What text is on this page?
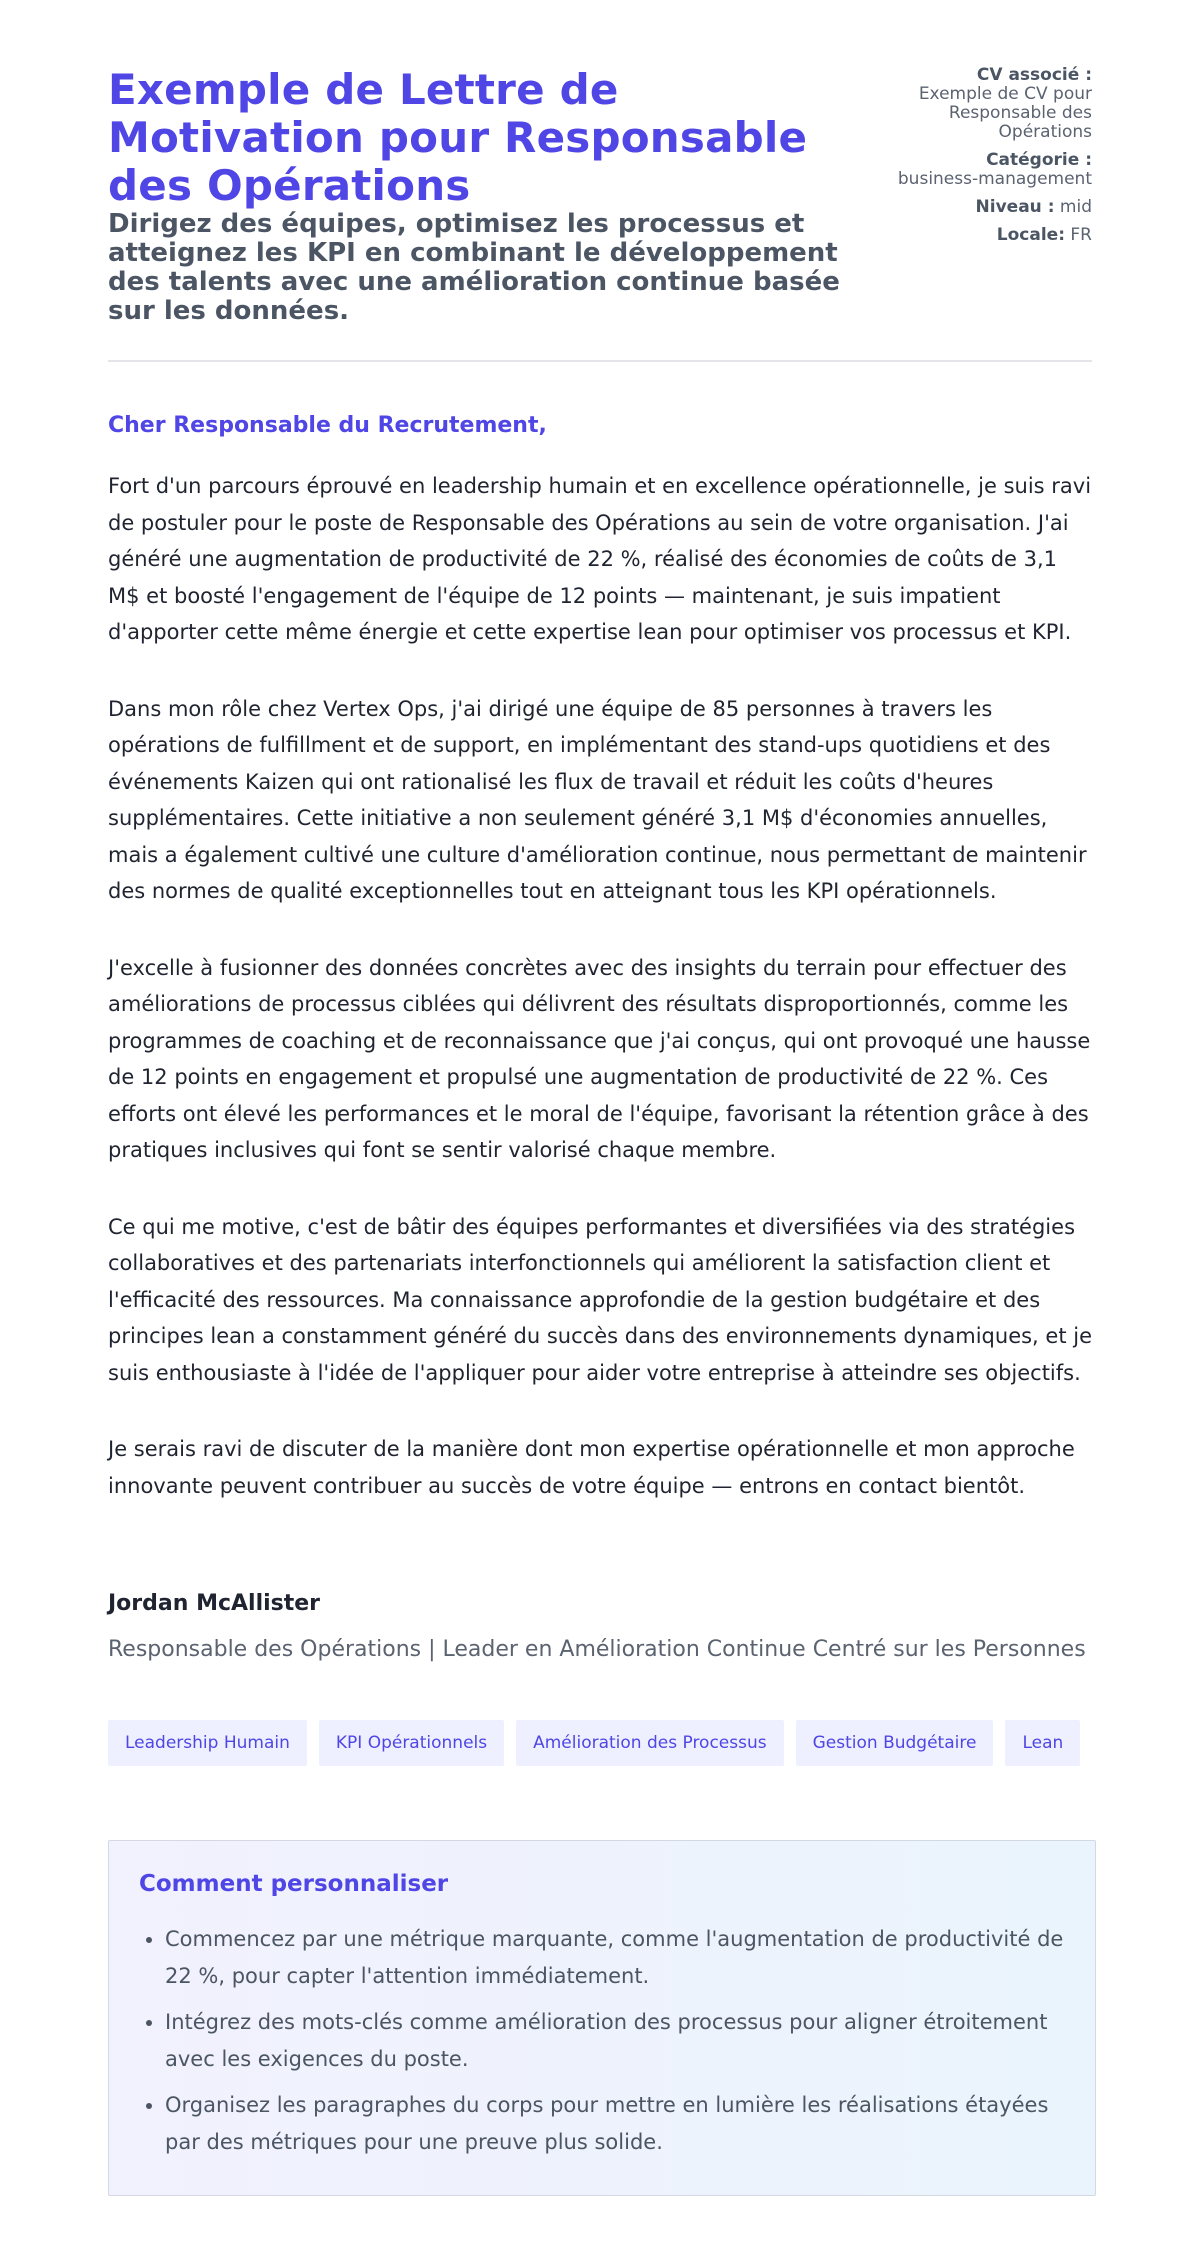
Exemple de Lettre de Motivation pour Responsable des Opérations
Dirigez des équipes, optimisez les processus et atteignez les KPI en combinant le développement des talents avec une amélioration continue basée sur les données.
CV associé :
Exemple de CV pour Responsable des Opérations
Catégorie :
business-management
Niveau : mid
Locale: FR

Cher Responsable du Recrutement,

Fort d'un parcours éprouvé en leadership humain et en excellence opérationnelle, je suis ravi de postuler pour le poste de Responsable des Opérations au sein de votre organisation. J'ai généré une augmentation de productivité de 22 %, réalisé des économies de coûts de 3,1 M$ et boosté l'engagement de l'équipe de 12 points — maintenant, je suis impatient d'apporter cette même énergie et cette expertise lean pour optimiser vos processus et KPI.

Dans mon rôle chez Vertex Ops, j'ai dirigé une équipe de 85 personnes à travers les opérations de fulfillment et de support, en implémentant des stand-ups quotidiens et des événements Kaizen qui ont rationalisé les flux de travail et réduit les coûts d'heures supplémentaires. Cette initiative a non seulement généré 3,1 M$ d'économies annuelles, mais a également cultivé une culture d'amélioration continue, nous permettant de maintenir des normes de qualité exceptionnelles tout en atteignant tous les KPI opérationnels.

J'excelle à fusionner des données concrètes avec des insights du terrain pour effectuer des améliorations de processus ciblées qui délivrent des résultats disproportionnés, comme les programmes de coaching et de reconnaissance que j'ai conçus, qui ont provoqué une hausse de 12 points en engagement et propulsé une augmentation de productivité de 22 %. Ces efforts ont élevé les performances et le moral de l'équipe, favorisant la rétention grâce à des pratiques inclusives qui font se sentir valorisé chaque membre.

Ce qui me motive, c'est de bâtir des équipes performantes et diversifiées via des stratégies collaboratives et des partenariats interfonctionnels qui améliorent la satisfaction client et l'efficacité des ressources. Ma connaissance approfondie de la gestion budgétaire et des principes lean a constamment généré du succès dans des environnements dynamiques, et je suis enthousiaste à l'idée de l'appliquer pour aider votre entreprise à atteindre ses objectifs.

Je serais ravi de discuter de la manière dont mon expertise opérationnelle et mon approche innovante peuvent contribuer au succès de votre équipe — entrons en contact bientôt.

Jordan McAllister

Responsable des Opérations | Leader en Amélioration Continue Centré sur les Personnes

Leadership Humain	KPI Opérationnels	Amélioration des Processus	Gestion Budgétaire	Lean
Comment personnaliser
• Commencez par une métrique marquante, comme l'augmentation de productivité de 22 %, pour capter l'attention immédiatement.
• Intégrez des mots-clés comme amélioration des processus pour aligner étroitement avec les exigences du poste.
• Organisez les paragraphes du corps pour mettre en lumière les réalisations étayées par des métriques pour une preuve plus solide.
